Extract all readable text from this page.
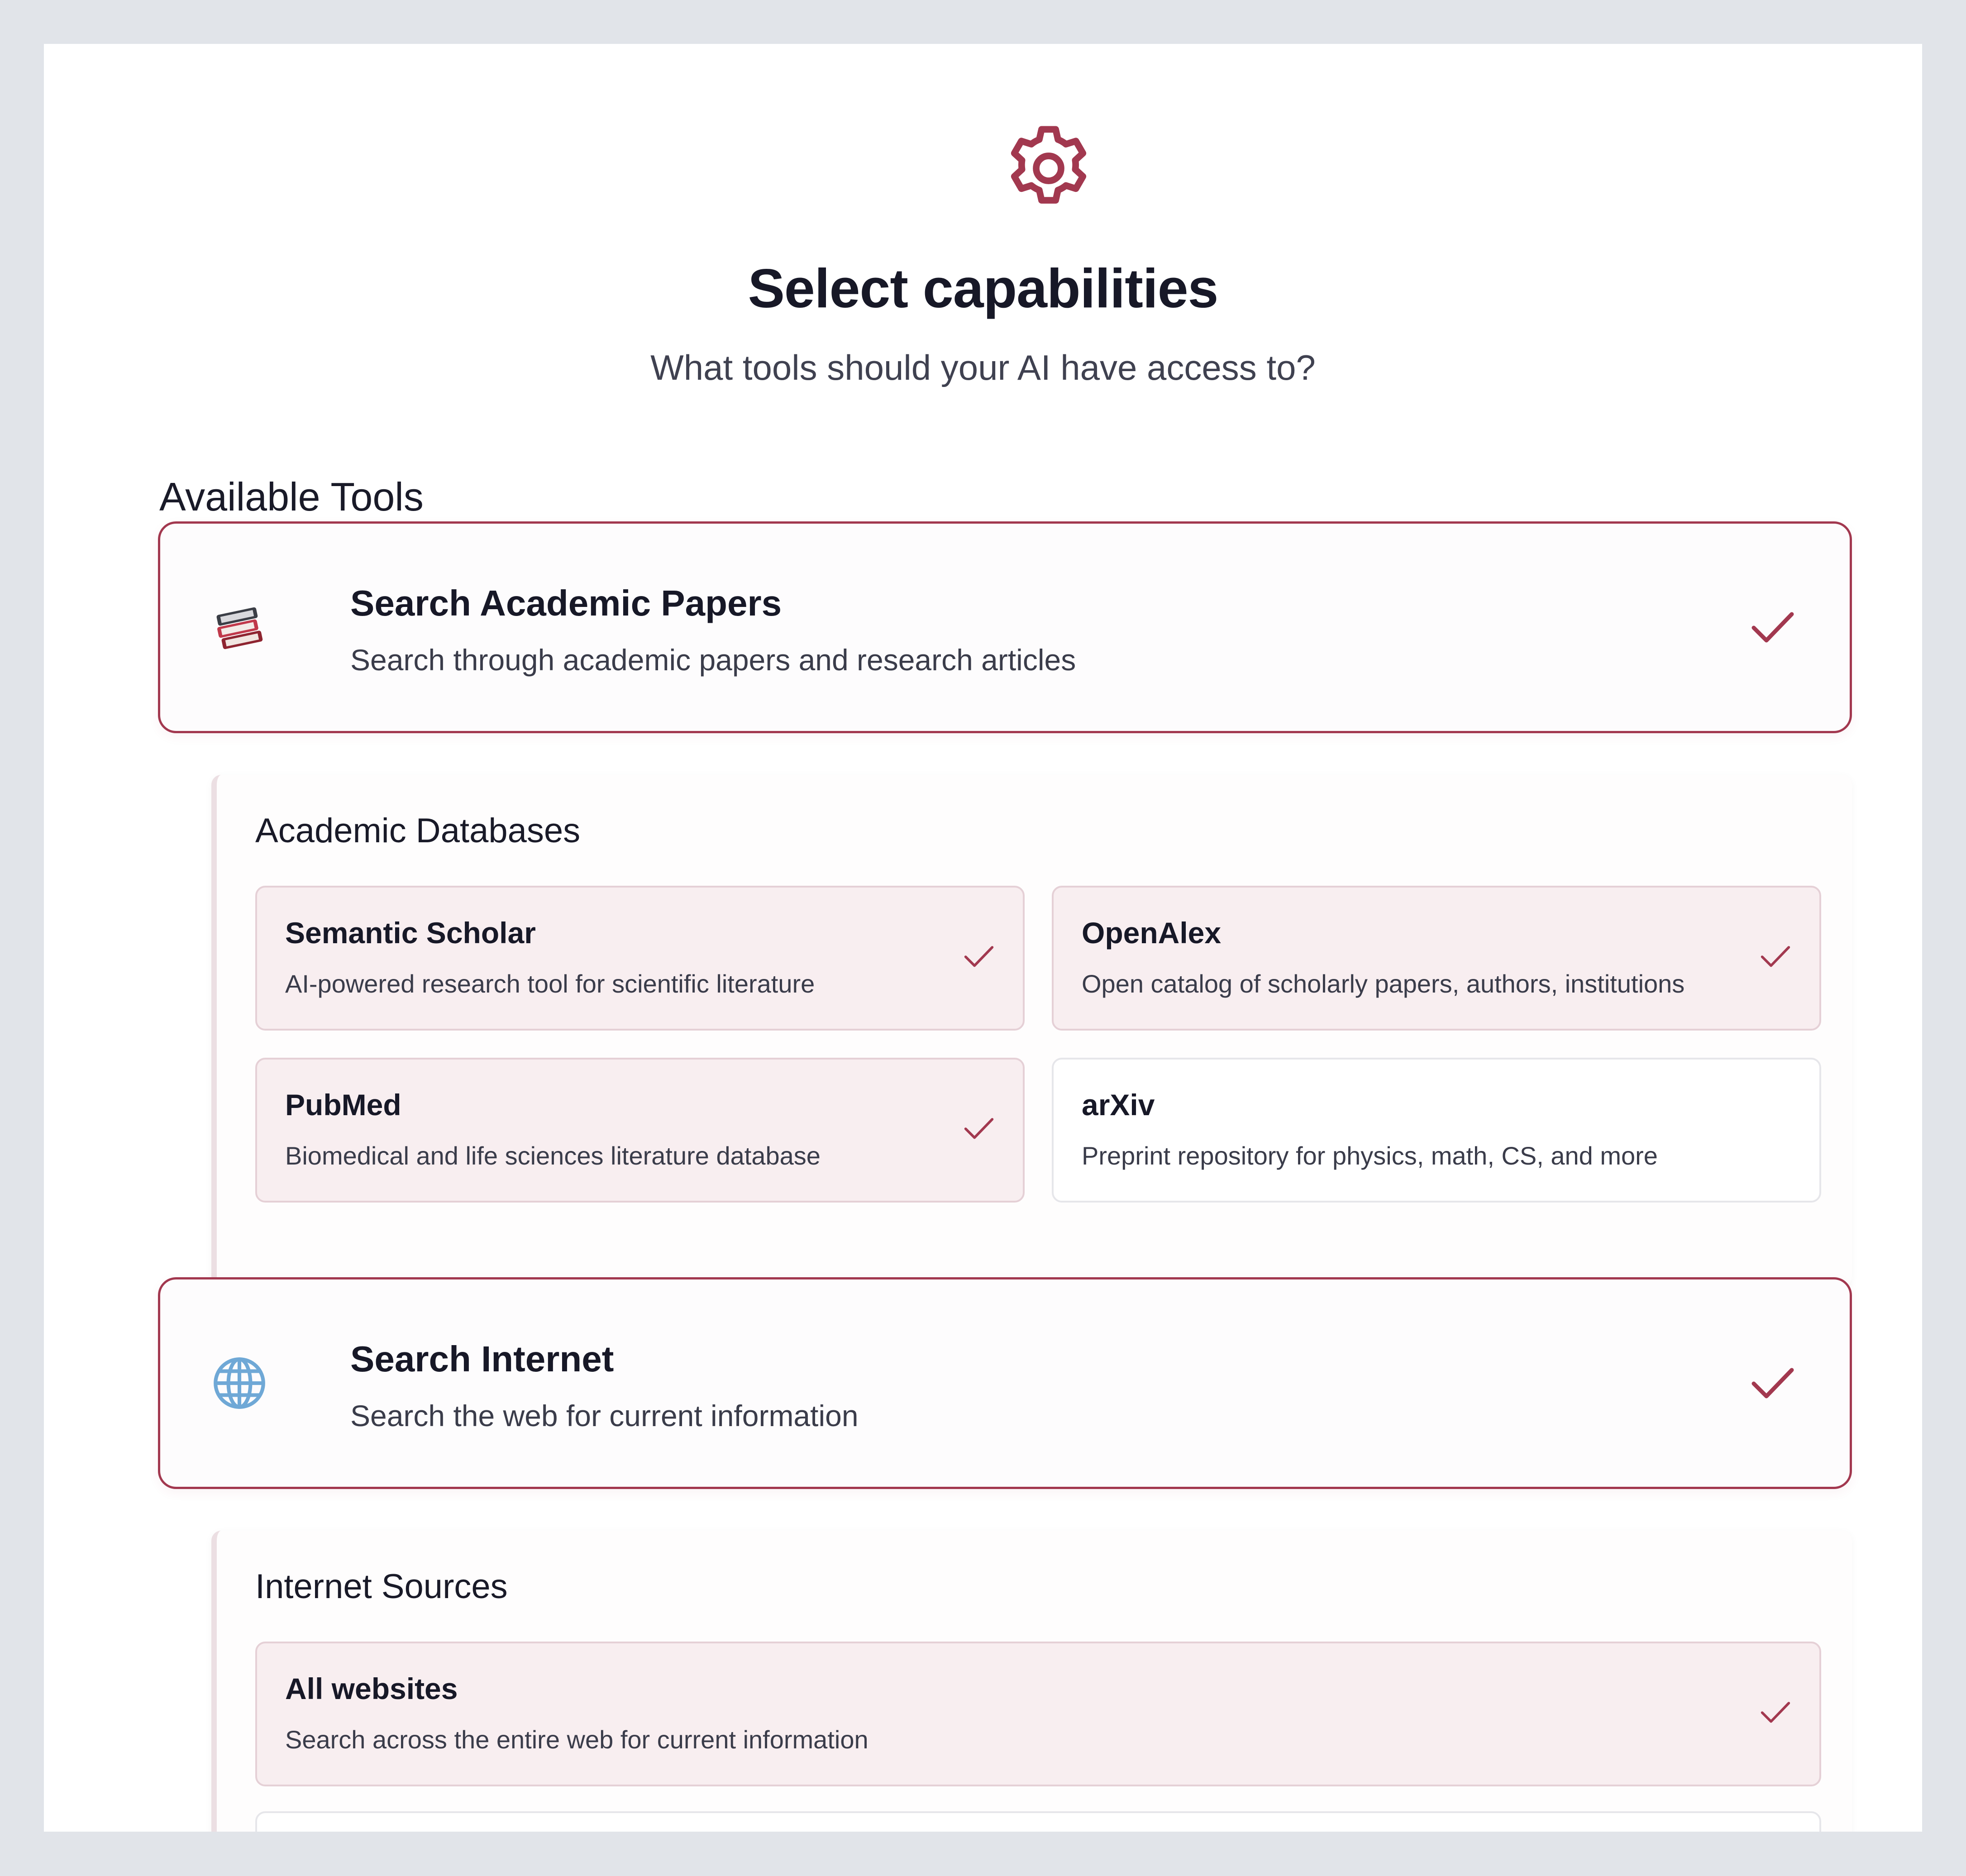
Select capabilities
What tools should your AI have access to?
Available Tools
Search Academic Papers
Search through academic papers and research articles
Academic Databases
Semantic Scholar
AI-powered research tool for scientific literature
OpenAlex
Open catalog of scholarly papers, authors, institutions
PubMed
Biomedical and life sciences literature database
arXiv
Preprint repository for physics, math, CS, and more
Search Internet
Search the web for current information
Internet Sources
All websites
Search across the entire web for current information
